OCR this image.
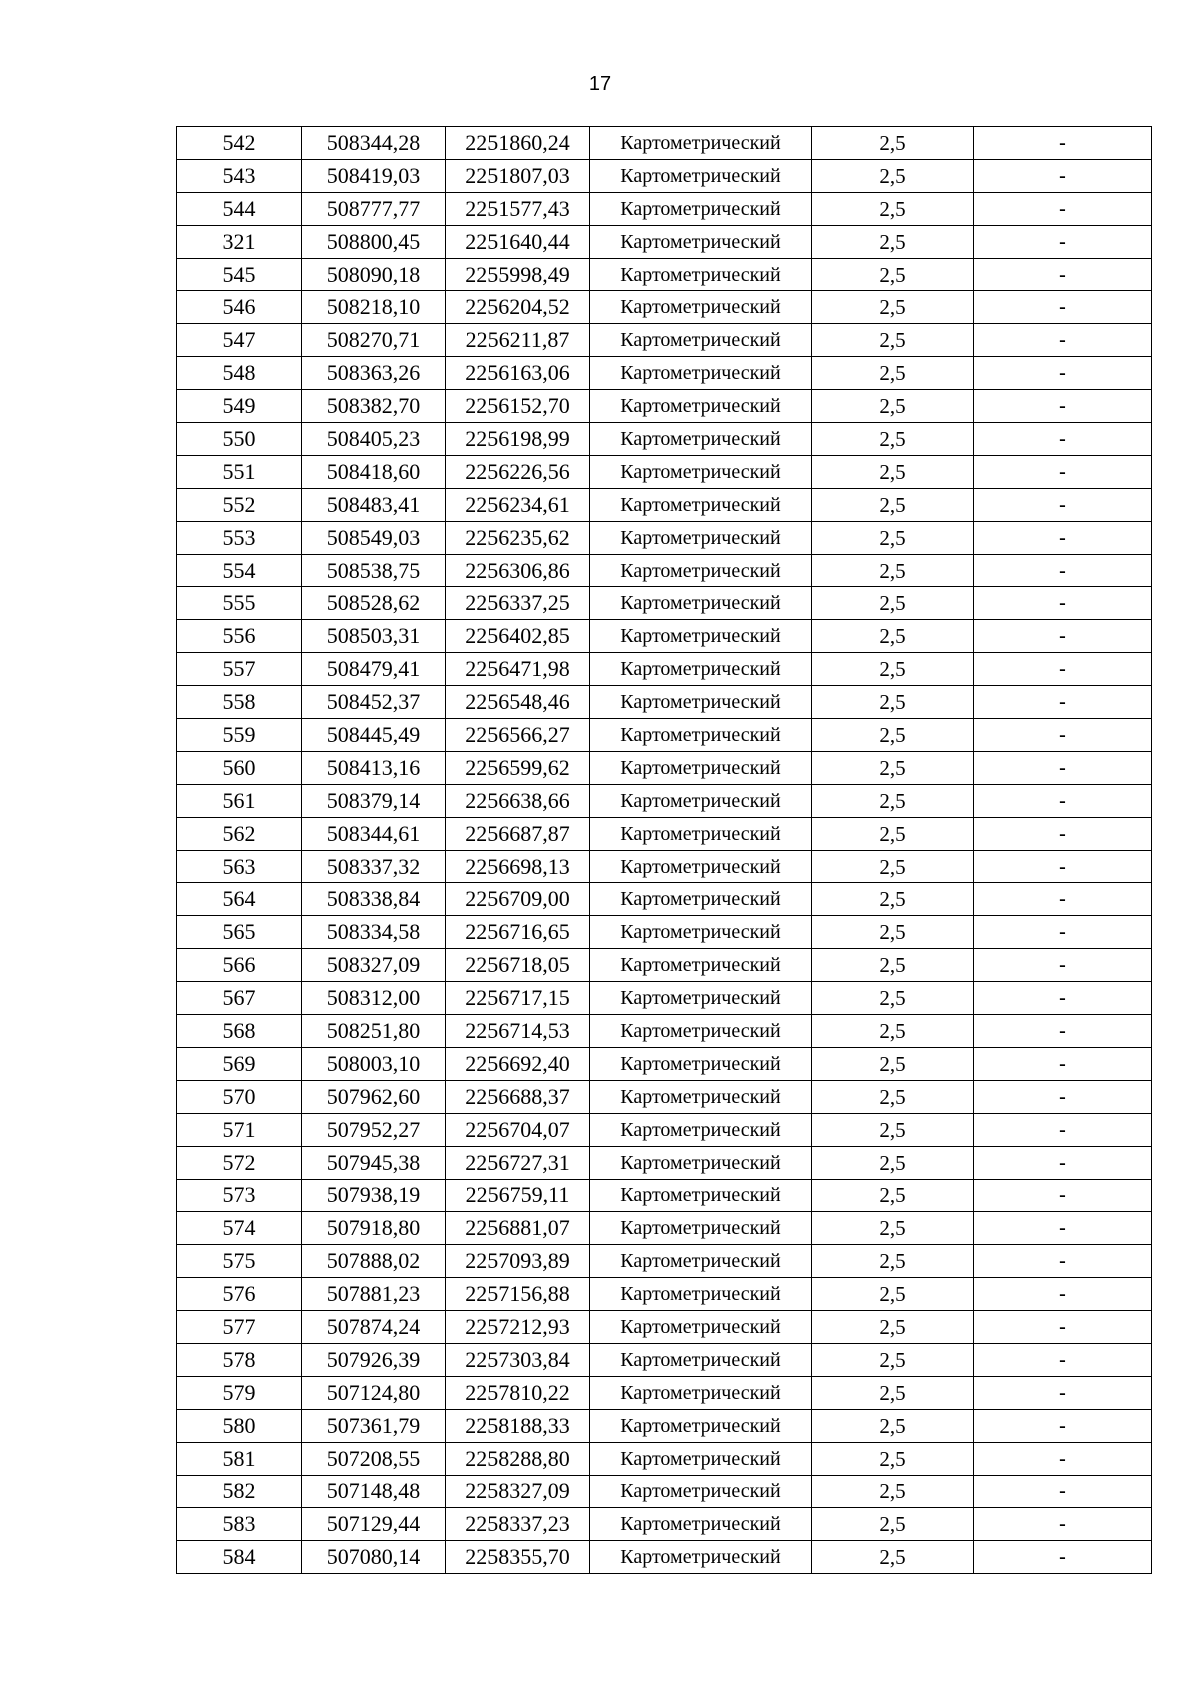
17
542	508344,28	2251860,24	Картометрический	2,5	-
543	508419,03	2251807,03	Картометрический	2,5	-
544	508777,77	2251577,43	Картометрический	2,5	-
321	508800,45	2251640,44	Картометрический	2,5	-
545	508090,18	2255998,49	Картометрический	2,5	-
546	508218,10	2256204,52	Картометрический	2,5	-
547	508270,71	2256211,87	Картометрический	2,5	-
548	508363,26	2256163,06	Картометрический	2,5	-
549	508382,70	2256152,70	Картометрический	2,5	-
550	508405,23	2256198,99	Картометрический	2,5	-
551	508418,60	2256226,56	Картометрический	2,5	-
552	508483,41	2256234,61	Картометрический	2,5	-
553	508549,03	2256235,62	Картометрический	2,5	-
554	508538,75	2256306,86	Картометрический	2,5	-
555	508528,62	2256337,25	Картометрический	2,5	-
556	508503,31	2256402,85	Картометрический	2,5	-
557	508479,41	2256471,98	Картометрический	2,5	-
558	508452,37	2256548,46	Картометрический	2,5	-
559	508445,49	2256566,27	Картометрический	2,5	-
560	508413,16	2256599,62	Картометрический	2,5	-
561	508379,14	2256638,66	Картометрический	2,5	-
562	508344,61	2256687,87	Картометрический	2,5	-
563	508337,32	2256698,13	Картометрический	2,5	-
564	508338,84	2256709,00	Картометрический	2,5	-
565	508334,58	2256716,65	Картометрический	2,5	-
566	508327,09	2256718,05	Картометрический	2,5	-
567	508312,00	2256717,15	Картометрический	2,5	-
568	508251,80	2256714,53	Картометрический	2,5	-
569	508003,10	2256692,40	Картометрический	2,5	-
570	507962,60	2256688,37	Картометрический	2,5	-
571	507952,27	2256704,07	Картометрический	2,5	-
572	507945,38	2256727,31	Картометрический	2,5	-
573	507938,19	2256759,11	Картометрический	2,5	-
574	507918,80	2256881,07	Картометрический	2,5	-
575	507888,02	2257093,89	Картометрический	2,5	-
576	507881,23	2257156,88	Картометрический	2,5	-
577	507874,24	2257212,93	Картометрический	2,5	-
578	507926,39	2257303,84	Картометрический	2,5	-
579	507124,80	2257810,22	Картометрический	2,5	-
580	507361,79	2258188,33	Картометрический	2,5	-
581	507208,55	2258288,80	Картометрический	2,5	-
582	507148,48	2258327,09	Картометрический	2,5	-
583	507129,44	2258337,23	Картометрический	2,5	-
584	507080,14	2258355,70	Картометрический	2,5	-
